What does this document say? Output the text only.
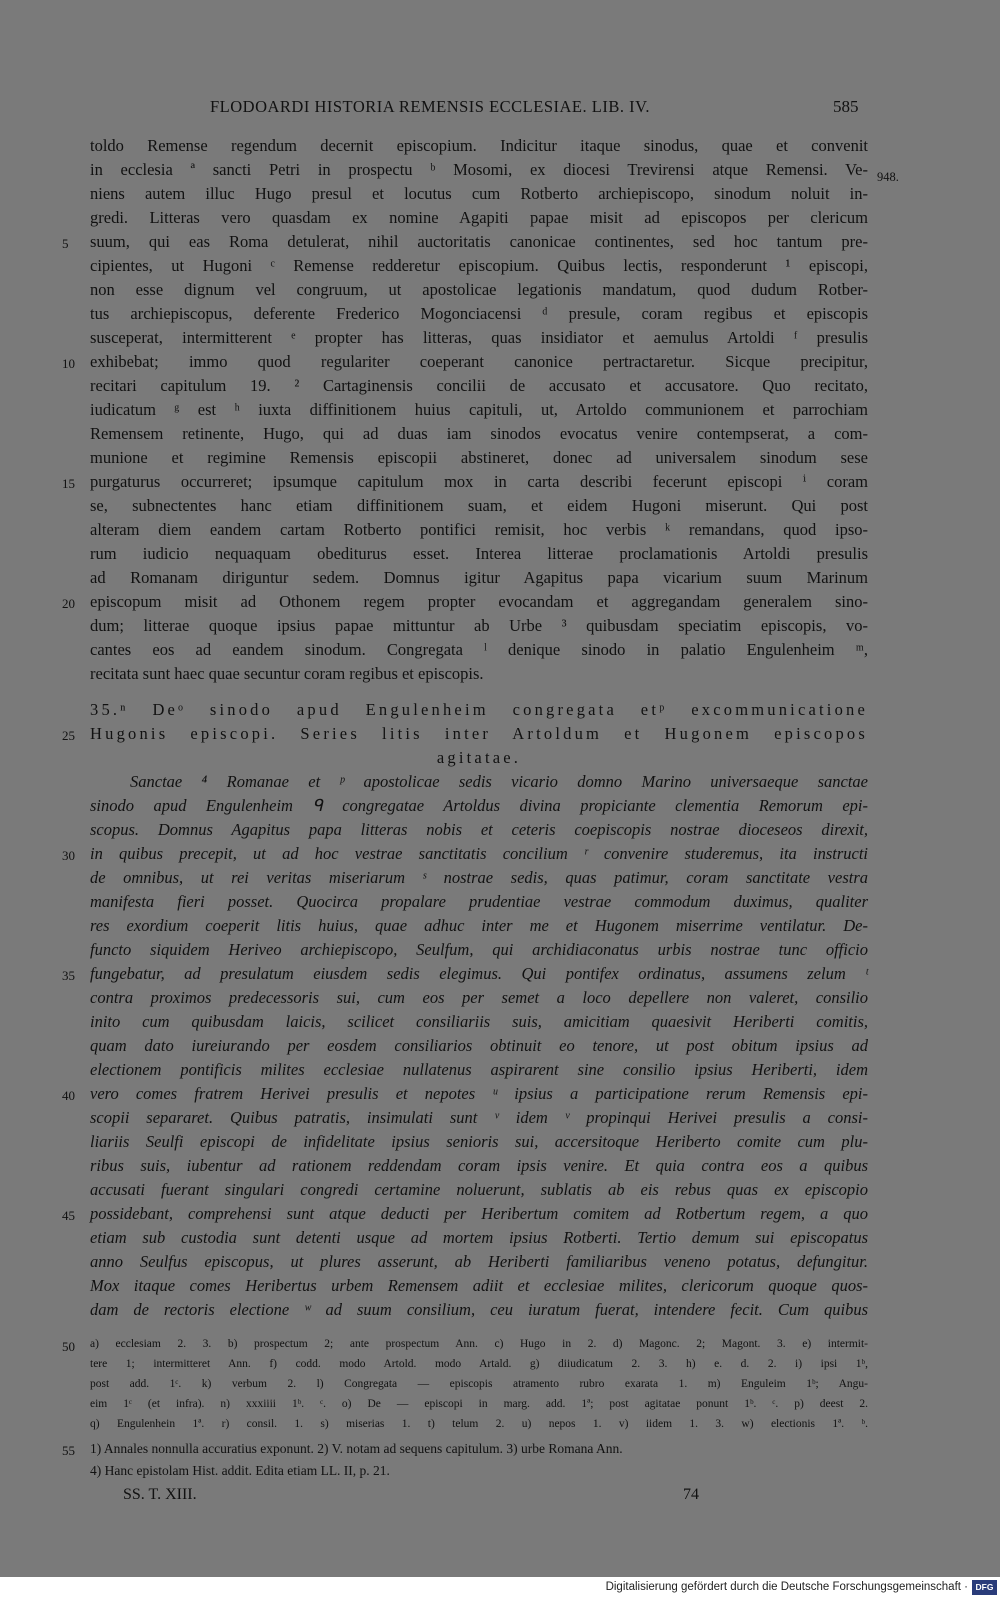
FLODOARDI HISTORIA REMENSIS ECCLESIAE. LIB. IV.	585
948.
toldo Remense regendum decernit episcopium. Indicitur itaque sinodus, quae et convenit
in ecclesia ª sancti Petri in prospectu ᵇ Mosomi, ex diocesi Trevirensi atque Remensi. Ve-
niens autem illuc Hugo presul et locutus cum Rotberto archiepiscopo, sinodum noluit in-
gredi. Litteras vero quasdam ex nomine Agapiti papae misit ad episcopos per clericum
suum, qui eas Roma detulerat, nihil auctoritatis canonicae continentes, sed hoc tantum pre-
cipientes, ut Hugoni ᶜ Remense redderetur episcopium. Quibus lectis, responderunt ¹ episcopi,
non esse dignum vel congruum, ut apostolicae legationis mandatum, quod dudum Rotber-
tus archiepiscopus, deferente Frederico Mogonciacensi ᵈ presule, coram regibus et episcopis
susceperat, intermitterent ᵉ propter has litteras, quas insidiator et aemulus Artoldi ᶠ presulis
exhibebat; immo quod regulariter coeperant canonice pertractaretur. Sicque precipitur,
recitari capitulum 19. ² Cartaginensis concilii de accusato et accusatore. Quo recitato,
iudicatum ᵍ est ʰ iuxta diffinitionem huius capituli, ut, Artoldo communionem et parrochiam
Remensem retinente, Hugo, qui ad duas iam sinodos evocatus venire contempserat, a com-
munione et regimine Remensis episcopii abstineret, donec ad universalem sinodum sese
purgaturus occurreret; ipsumque capitulum mox in carta describi fecerunt episcopi ⁱ coram
se, subnectentes hanc etiam diffinitionem suam, et eidem Hugoni miserunt. Qui post
alteram diem eandem cartam Rotberto pontifici remisit, hoc verbis ᵏ remandans, quod ipso-
rum iudicio nequaquam obediturus esset. Interea litterae proclamationis Artoldi presulis
ad Romanam diriguntur sedem. Domnus igitur Agapitus papa vicarium suum Marinum
episcopum misit ad Othonem regem propter evocandam et aggregandam generalem sino-
dum; litterae quoque ipsius papae mittuntur ab Urbe ³ quibusdam speciatim episcopis, vo-
cantes eos ad eandem sinodum. Congregata ˡ denique sinodo in palatio Engulenheim ᵐ,
recitata sunt haec quae secuntur coram regibus et episcopis.
35.ⁿ Deᵒ sinodo apud Engulenheim congregata etᵖ excommunicatione
Hugonis episcopi. Series litis inter Artoldum et Hugonem episcopos
agitatae.
Sanctae ⁴ Romanae et ᵖ apostolicae sedis vicario domno Marino universaeque sanctae
sinodo apud Engulenheim ᑫ congregatae Artoldus divina propiciante clementia Remorum epi-
scopus. Domnus Agapitus papa litteras nobis et ceteris coepiscopis nostrae dioceseos direxit,
in quibus precepit, ut ad hoc vestrae sanctitatis concilium ʳ convenire studeremus, ita instructi
de omnibus, ut rei veritas miseriarum ˢ nostrae sedis, quas patimur, coram sanctitate vestra
manifesta fieri posset. Quocirca propalare prudentiae vestrae commodum duximus, qualiter
res exordium coeperit litis huius, quae adhuc inter me et Hugonem miserrime ventilatur. De-
functo siquidem Heriveo archiepiscopo, Seulfum, qui archidiaconatus urbis nostrae tunc officio
fungebatur, ad presulatum eiusdem sedis elegimus. Qui pontifex ordinatus, assumens zelum ᵗ
contra proximos predecessoris sui, cum eos per semet a loco depellere non valeret, consilio
inito cum quibusdam laicis, scilicet consiliariis suis, amicitiam quaesivit Heriberti comitis,
quam dato iureiurando per eosdem consiliarios obtinuit eo tenore, ut post obitum ipsius ad
electionem pontificis milites ecclesiae nullatenus aspirarent sine consilio ipsius Heriberti, idem
vero comes fratrem Herivei presulis et nepotes ᵘ ipsius a participatione rerum Remensis epi-
scopii separaret. Quibus patratis, insimulati sunt ᵛ idem ᵛ propinqui Herivei presulis a consi-
liariis Seulfi episcopi de infidelitate ipsius senioris sui, accersitoque Heriberto comite cum plu-
ribus suis, iubentur ad rationem reddendam coram ipsis venire. Et quia contra eos a quibus
accusati fuerant singulari congredi certamine noluerunt, sublatis ab eis rebus quas ex episcopio
possidebant, comprehensi sunt atque deducti per Heribertum comitem ad Rotbertum regem, a quo
etiam sub custodia sunt detenti usque ad mortem ipsius Rotberti. Tertio demum sui episcopatus
anno Seulfus episcopus, ut plures asserunt, ab Heriberti familiaribus veneno potatus, defungitur.
Mox itaque comes Heribertus urbem Remensem adiit et ecclesiae milites, clericorum quoque quos-
dam de rectoris electione ʷ ad suum consilium, ceu iuratum fuerat, intendere fecit. Cum quibus
a) ecclesiam 2. 3. b) prospectum 2; ante prospectum Ann. c) Hugo in 2. d) Magonc. 2; Magont. 3. e) intermit-
tere 1; intermitteret Ann. f) codd. modo Artold. modo Artald. g) diiudicatum 2. 3. h) e. d. 2. i) ipsi 1ᵇ,
post add. 1ᶜ. k) verbum 2. l) Congregata — episcopis atramento rubro exarata 1. m) Enguleim 1ᵇ; Angu-
eim 1ᶜ (et infra). n) xxxiiii 1ᵇ. ᶜ. o) De — episcopi in marg. add. 1ª; post agitatae ponunt 1ᵇ. ᶜ. p) deest 2.
q) Engulenhein 1ª. r) consil. 1. s) miserias 1. t) telum 2. u) nepos 1. v) iidem 1. 3. w) electionis 1ª. ᵇ.
1) Annales nonnulla accuratius exponunt. 2) V. notam ad sequens capitulum. 3) urbe Romana Ann.
4) Hanc epistolam Hist. addit. Edita etiam LL. II, p. 21.
5
10
15
20
25
30
35
40
45
50
55
SS. T. XIII.	74
Digitalisierung gefördert durch die Deutsche Forschungsgemeinschaft · DFG
